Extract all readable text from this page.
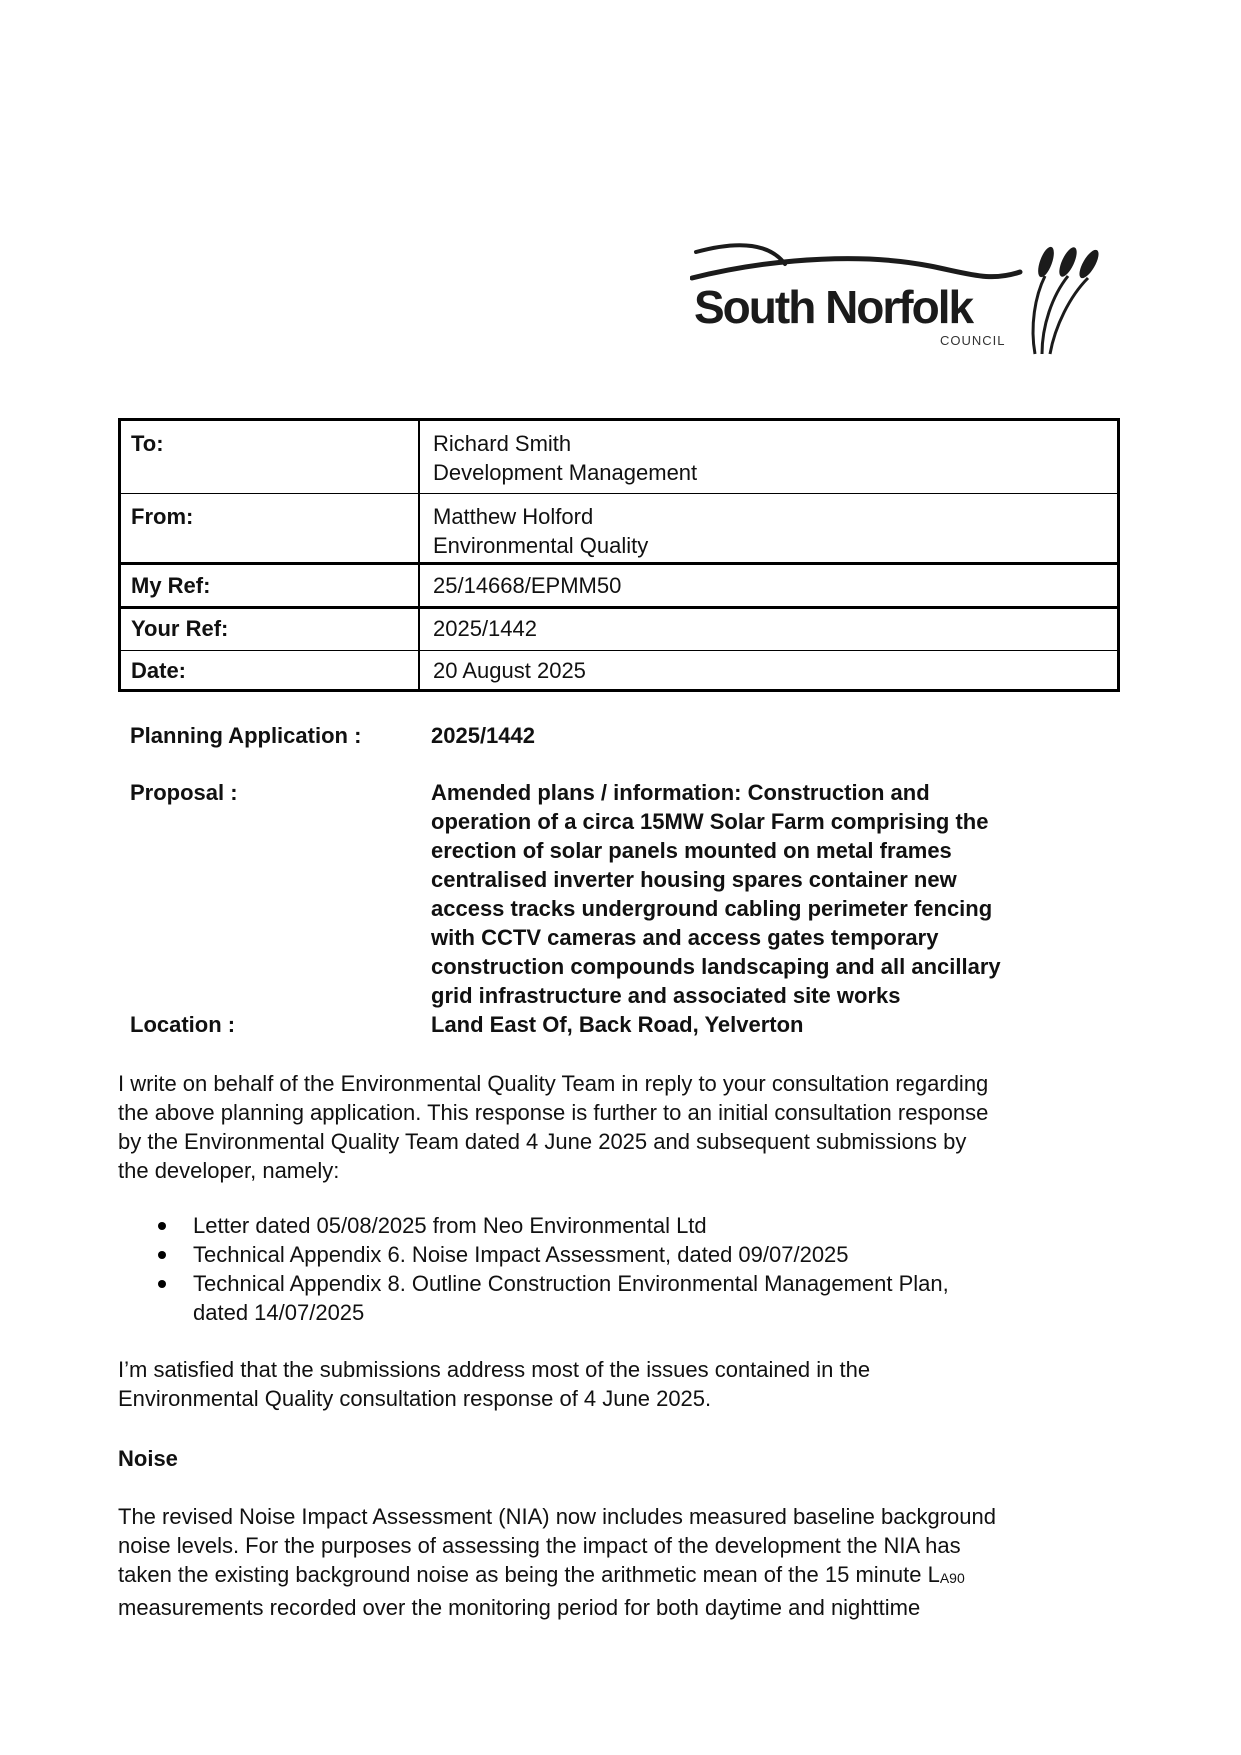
South Norfolk
COUNCIL
To:	Richard Smith
Development Management
From:	Matthew Holford
Environmental Quality
My Ref:	25/14668/EPMM50
Your Ref:	2025/1442
Date:	20 August 2025
Planning Application :	2025/1442
Proposal :	Amended plans / information: Construction and
operation of a circa 15MW Solar Farm comprising the
erection of solar panels mounted on metal frames
centralised inverter housing spares container new
access tracks underground cabling perimeter fencing
with CCTV cameras and access gates temporary
construction compounds landscaping and all ancillary
grid infrastructure and associated site works
Location :	Land East Of, Back Road, Yelverton
I write on behalf of the Environmental Quality Team in reply to your consultation regarding
the above planning application. This response is further to an initial consultation response
by the Environmental Quality Team dated 4 June 2025 and subsequent submissions by
the developer, namely:
Letter dated 05/08/2025 from Neo Environmental Ltd
Technical Appendix 6. Noise Impact Assessment, dated 09/07/2025
Technical Appendix 8. Outline Construction Environmental Management Plan,
dated 14/07/2025
I’m satisfied that the submissions address most of the issues contained in the
Environmental Quality consultation response of 4 June 2025.
Noise
The revised Noise Impact Assessment (NIA) now includes measured baseline background
noise levels. For the purposes of assessing the impact of the development the NIA has
taken the existing background noise as being the arithmetic mean of the 15 minute $L_{A90}$
measurements recorded over the monitoring period for both daytime and nighttime
